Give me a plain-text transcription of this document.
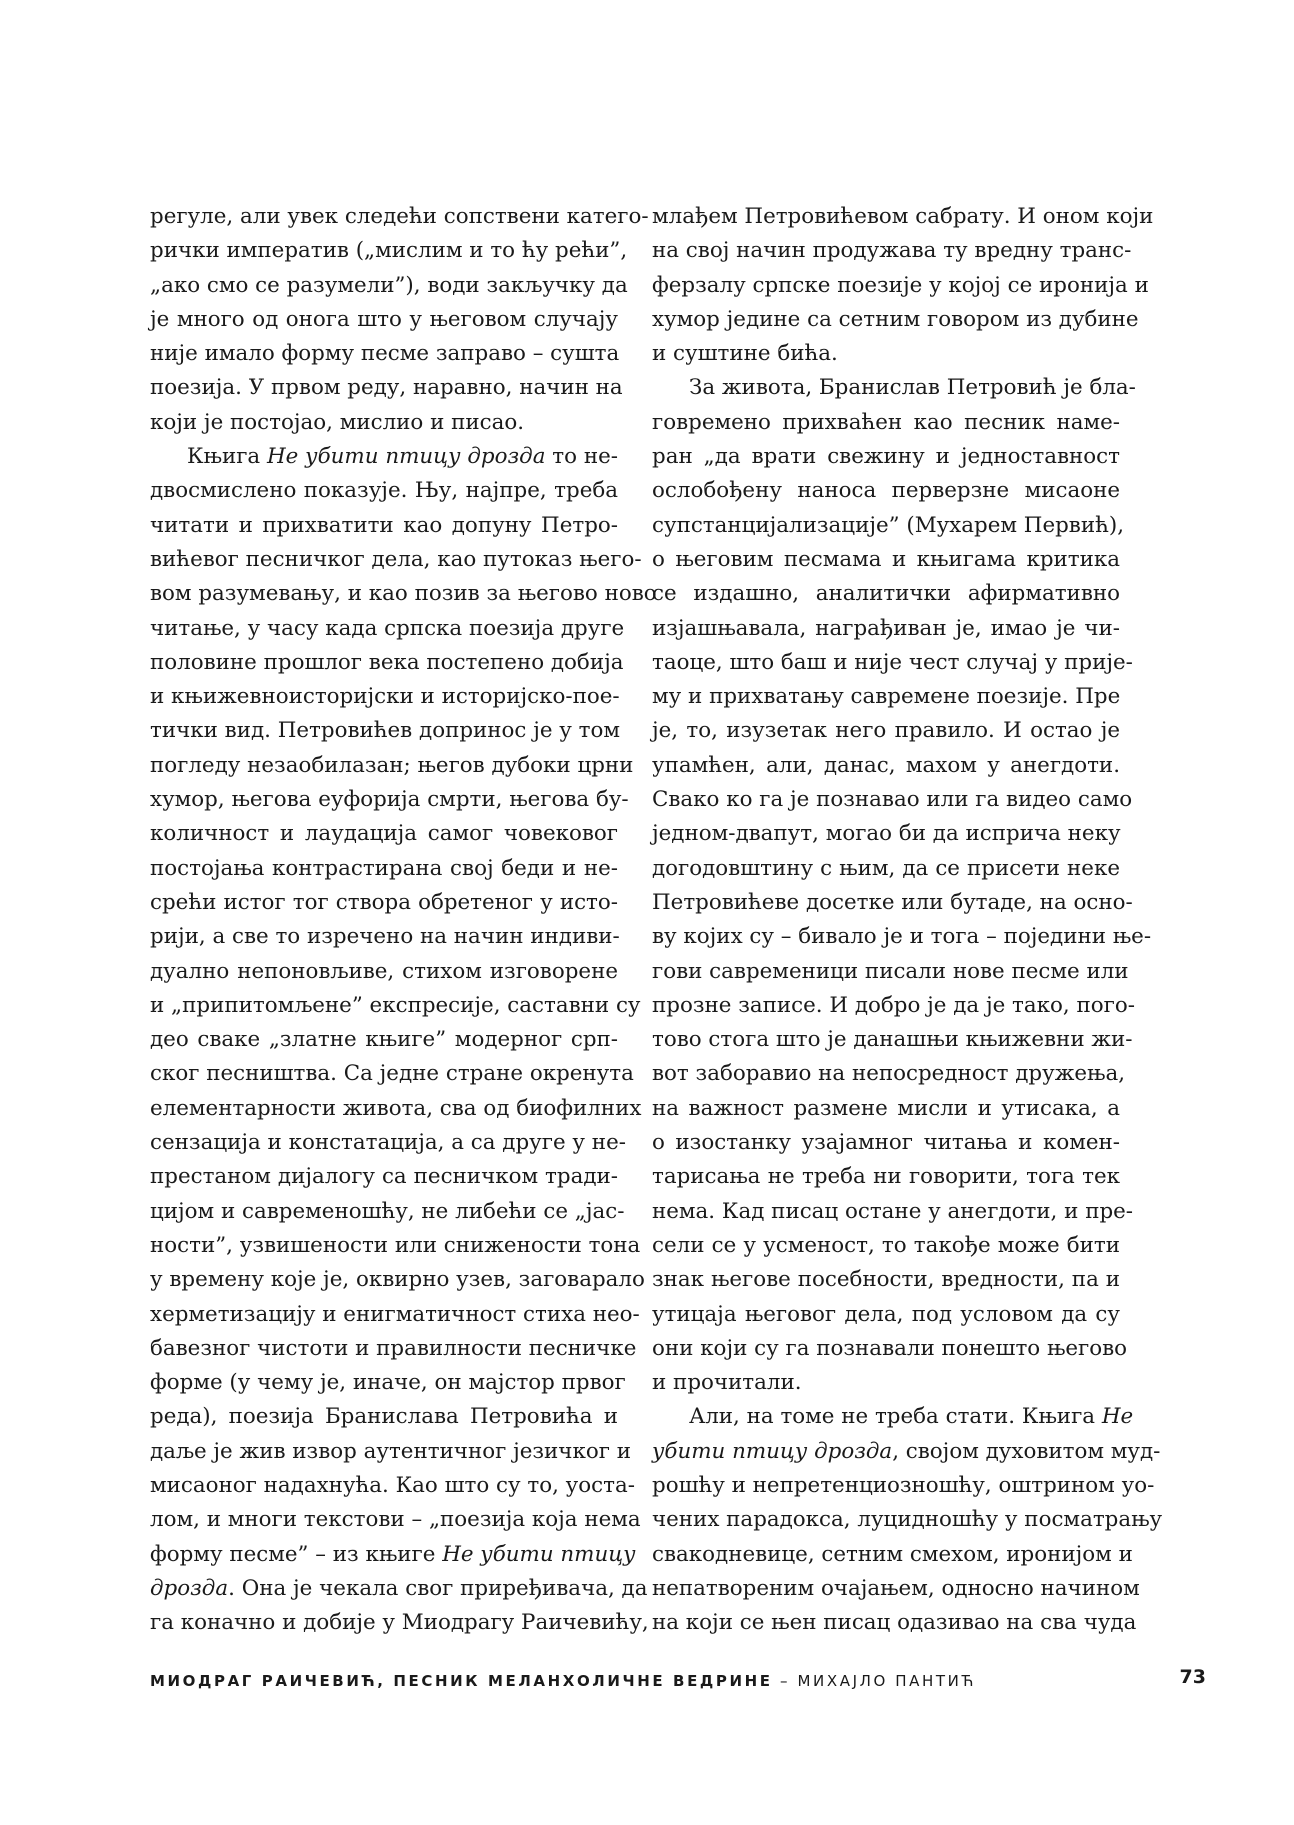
регуле, али увек следећи сопствени катего-
рички императив („мислим и то ћу рећи”,
„ако смо се разумели”), води закључку да
је много од онога што у његовом случају
није имало форму песме заправо – суштa
поезија. У првом реду, наравно, начин на
који је постојао, мислио и писао.
Књига Не убити птицу дрозда то не-
двосмислено показује. Њу, најпре, треба
читати и прихватити као допуну Петро-
вићевог песничког дела, као путоказ његo-
вом разумевању, и као позив за његово ново
читање, у часу када српска поезија друге
половине прошлог века постепено добија
и књижевноисторијски и историјско-пое-
тички вид. Петровићев допринос је у том
погледу незаобилазан; његов дубоки црни
хумор, његова еуфорија смрти, његова бу-
количност и лаудација самог човековог
постојања контрастирана свој беди и не-
срећи истог тог створа обретеног у исто-
рији, а све то изречено на начин индиви-
дуално непоновљиве, стихом изговорене
и „припитомљене” експресије, саставни су
део сваке „златне књиге” модерног срп-
ског песништва. Са једне стране окренута
елементарности живота, сва од биофилних
сензација и констатација, а са друге у не-
престаном дијалогу са песничком тради-
цијом и савременошћу, не либећи се „јас-
ности”, узвишености или снижености тона
у времену које је, оквирно узев, заговарало
херметизацију и енигматичност стиха нео-
бавезног чистоти и правилности песничке
форме (у чему је, иначе, он мајстор првог
реда), поезија Бранислава Петровића и
даље је жив извор аутентичног језичког и
мисаоног надахнућа. Као што су то, уоста-
лом, и многи текстови – „поезија која нема
форму песме” – из књиге Не убити птицу
дрозда. Она је чекала свог приређивача, да
га коначно и добије у Миодрагу Раичевићу,
млађем Петровићевом сабрату. И оном који
на свој начин продужава ту вредну транс-
ферзалу српске поезије у којој се иронија и
хумор једине са сетним говором из дубине
и суштине бића.
За живота, Бранислав Петровић је бла-
говремено прихваћен као песник наме-
ран „да врати свежину и једноставност
ослобођену наноса перверзне мисаоне
супстанцијализације” (Мухарем Первић),
о његовим песмама и књигама критика
се издашно, аналитички афирмативно
изјашњавала, награђиван је, имао је чи-
таоце, што баш и није чест случај у прије-
му и прихватању савремене поезије. Пре
је, то, изузетак него правило. И остао је
упамћен, али, данас, махом у анегдоти.
Свако ко га је познавао или га видео само
једном-двапут, могао би да исприча неку
догодовштину с њим, да се присети неке
Петровићеве досетке или бутаде, на осно-
ву којих су – бивало је и тога – поједини ње-
гови савременици писали нове песме или
прозне записе. И добро је да је тако, пого-
тово стога што је данашњи књижевни жи-
вот заборавио на непосредност дружења,
на важност размене мисли и утисака, а
о изостанку узајамног читања и комен-
тарисања не треба ни говорити, тога тек
нема. Кад писац остане у анегдоти, и пре-
сели се у усменост, то такође може бити
знак његове посебности, вредности, па и
утицаја његовог дела, под условом да су
они који су га познавали понешто његово
и прочитали.
Али, на томе не треба стати. Књига Не
убити птицу дрозда, својом духовитом муд-
рошћу и непретенциозношћу, оштрином уо-
чених парадокса, луцидношћу у посматрању
свакодневице, сетним смехом, иронијом и
непатвореним очајањем, односно начином
на који се њен писац одазивао на сва чуда
МИОДРАГ РАИЧЕВИЋ, ПЕСНИК МЕЛАНХОЛИЧНЕ ВЕДРИНЕ – МИХАЈЛО ПАНТИЋ	73
